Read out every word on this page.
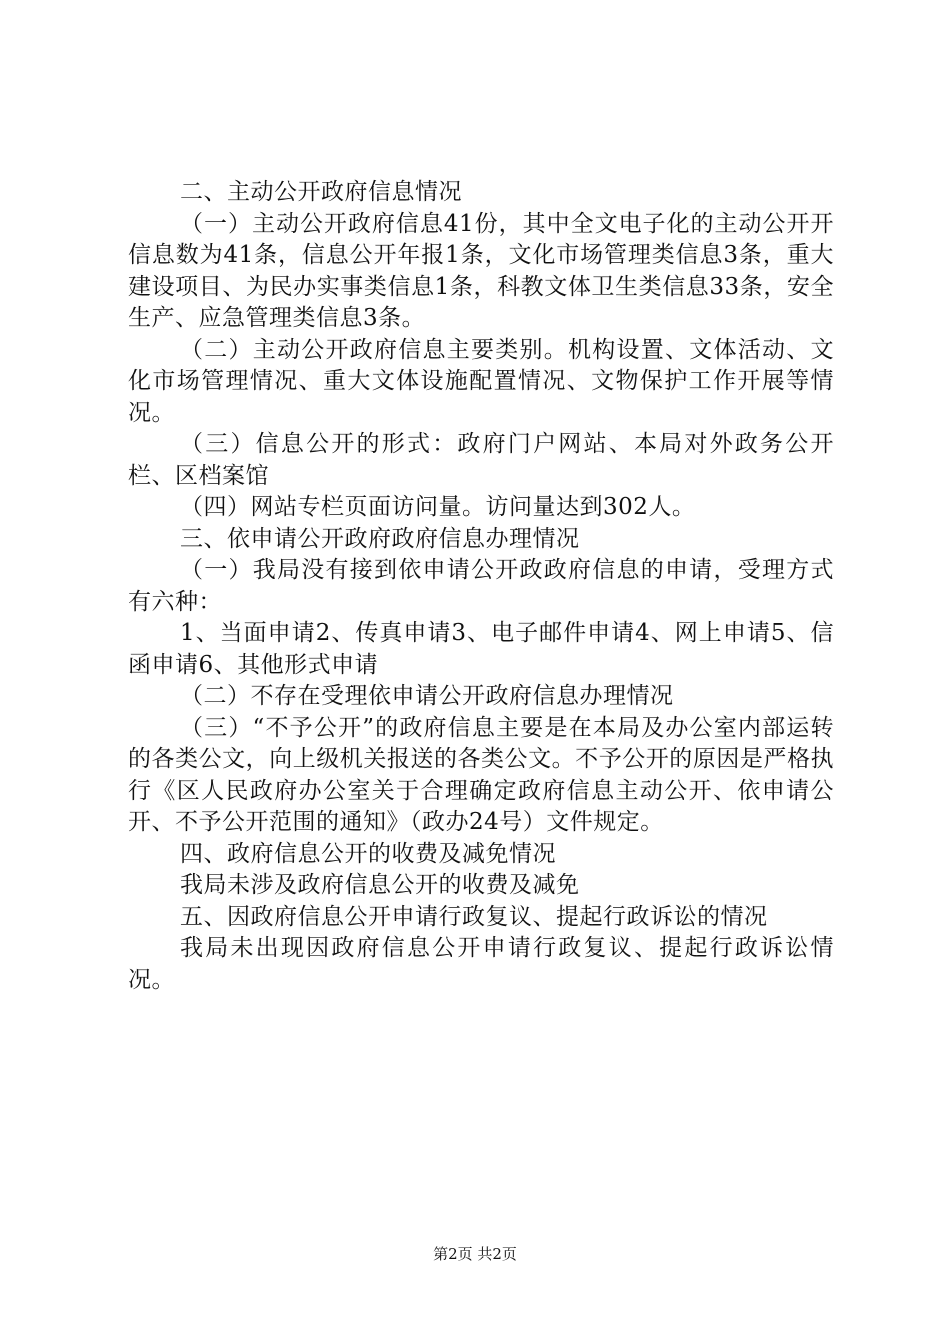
二、主动公开政府信息情况

（一）主动公开政府信息41份，其中全文电子化的主动公开开信息数为41条，信息公开年报1条，文化市场管理类信息3条，重大建设项目、为民办实事类信息1条，科教文体卫生类信息33条，安全生产、应急管理类信息3条。

（二）主动公开政府信息主要类别。机构设置、文体活动、文化市场管理情况、重大文体设施配置情况、文物保护工作开展等情况。

（三）信息公开的形式：政府门户网站、本局对外政务公开栏、区档案馆

（四）网站专栏页面访问量。访问量达到302人。

三、依申请公开政府政府信息办理情况

（一）我局没有接到依申请公开政政府信息的申请，受理方式有六种：

1、当面申请2、传真申请3、电子邮件申请4、网上申请5、信函申请6、其他形式申请

（二）不存在受理依申请公开政府信息办理情况

（三）“不予公开”的政府信息主要是在本局及办公室内部运转的各类公文，向上级机关报送的各类公文。不予公开的原因是严格执行《区人民政府办公室关于合理确定政府信息主动公开、依申请公开、不予公开范围的通知》（政办24号）文件规定。

四、政府信息公开的收费及减免情况

我局未涉及政府信息公开的收费及减免

五、因政府信息公开申请行政复议、提起行政诉讼的情况

我局未出现因政府信息公开申请行政复议、提起行政诉讼情况。

第2页 共2页
